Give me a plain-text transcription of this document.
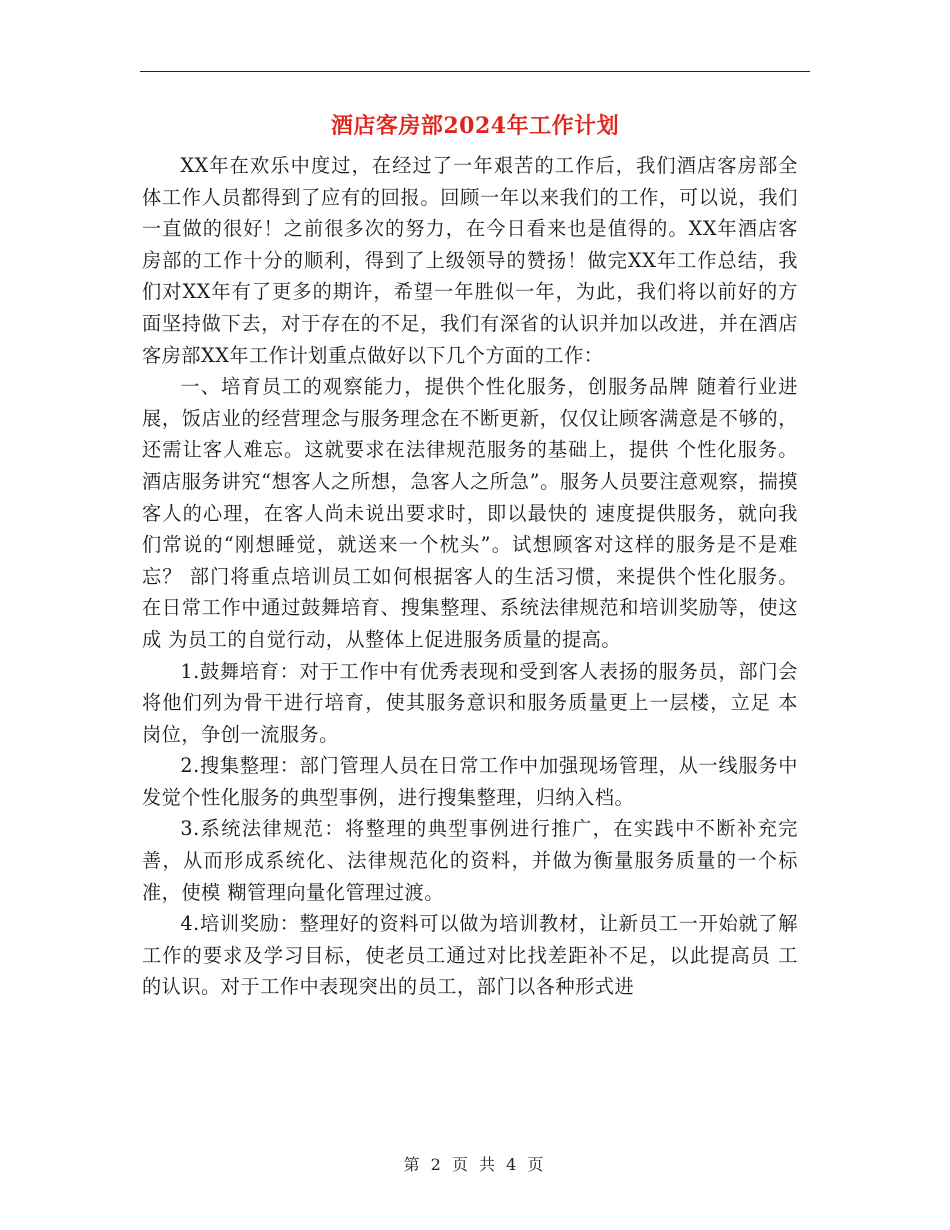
酒店客房部2024年工作计划

XX年在欢乐中度过，在经过了一年艰苦的工作后，我们酒店客房部全体工作人员都得到了应有的回报。回顾一年以来我们的工作，可以说，我们一直做的很好！之前很多次的努力，在今日看来也是值得的。XX年酒店客房部的工作十分的顺利，得到了上级领导的赞扬！做完XX年工作总结，我们对XX年有了更多的期许，希望一年胜似一年，为此，我们将以前好的方面坚持做下去，对于存在的不足，我们有深省的认识并加以改进，并在酒店客房部XX年工作计划重点做好以下几个方面的工作：

一、培育员工的观察能力，提供个性化服务，创服务品牌 随着行业进展，饭店业的经营理念与服务理念在不断更新，仅仅让顾客满意是不够的，还需让客人难忘。这就要求在法律规范服务的基础上，提供 个性化服务。酒店服务讲究“想客人之所想，急客人之所急”。服务人员要注意观察，揣摸客人的心理，在客人尚未说出要求时，即以最快的 速度提供服务，就向我们常说的“刚想睡觉，就送来一个枕头”。试想顾客对这样的服务是不是难忘？ 部门将重点培训员工如何根据客人的生活习惯，来提供个性化服务。在日常工作中通过鼓舞培育、搜集整理、系统法律规范和培训奖励等，使这成 为员工的自觉行动，从整体上促进服务质量的提高。

1.鼓舞培育：对于工作中有优秀表现和受到客人表扬的服务员，部门会将他们列为骨干进行培育，使其服务意识和服务质量更上一层楼，立足 本岗位，争创一流服务。

2.搜集整理：部门管理人员在日常工作中加强现场管理，从一线服务中发觉个性化服务的典型事例，进行搜集整理，归纳入档。

3.系统法律规范：将整理的典型事例进行推广，在实践中不断补充完善，从而形成系统化、法律规范化的资料，并做为衡量服务质量的一个标准，使模 糊管理向量化管理过渡。

4.培训奖励：整理好的资料可以做为培训教材，让新员工一开始就了解工作的要求及学习目标，使老员工通过对比找差距补不足，以此提高员 工的认识。对于工作中表现突出的员工，部门以各种形式进

第 2 页 共 4 页
